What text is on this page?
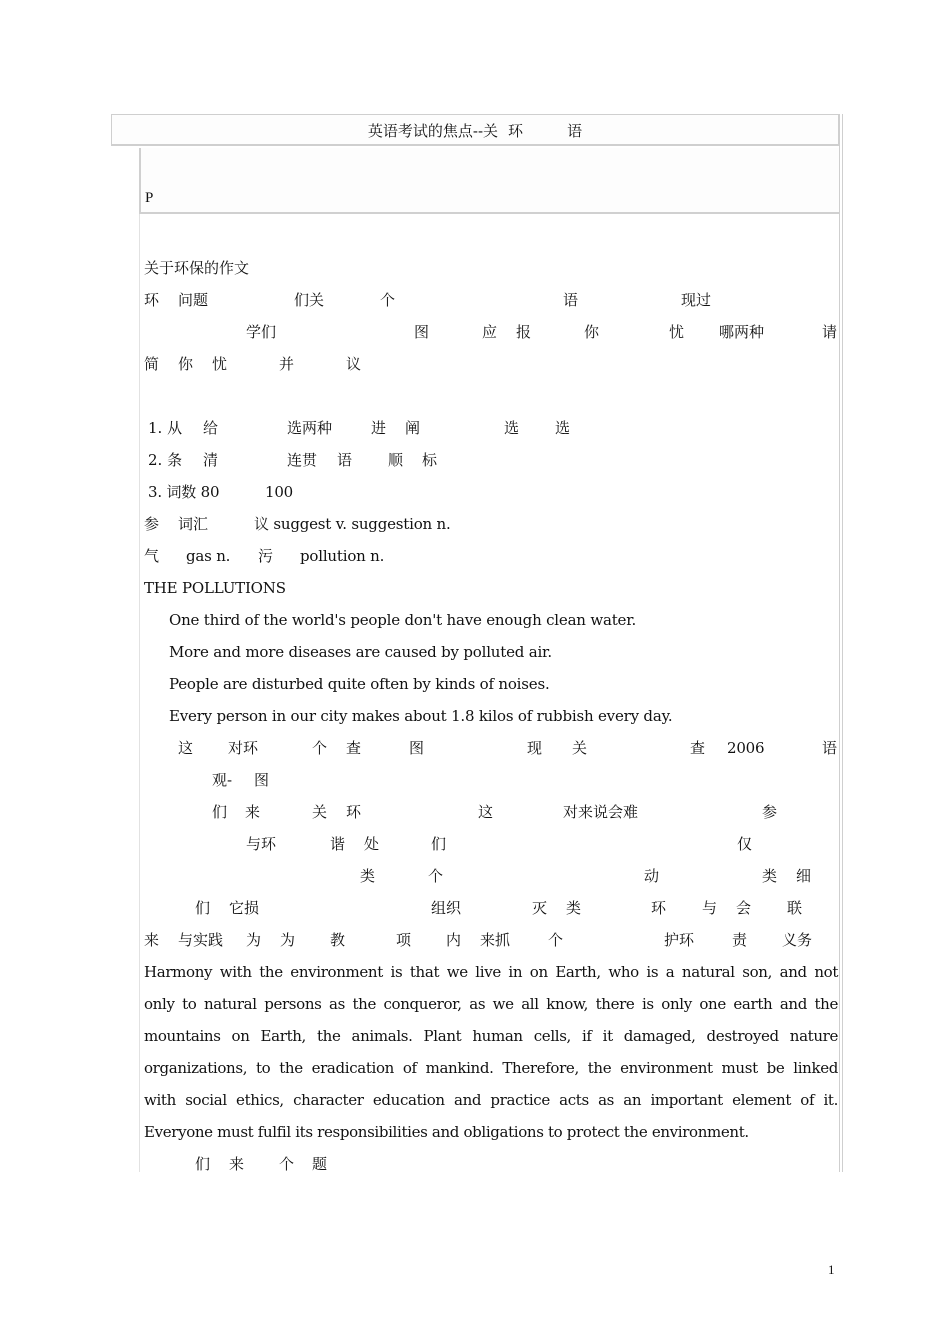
英语考试的焦点--关 环	语
P
关于环保的作文
环 问题	们关	个	语	现过
学们	图	应 报	你	忧 哪两种	请
简 你 忧	并	议
1. 从 给	选两种	进 阐	选 选
2. 条 清	连贯 语 顺 标
3. 词数 80	100
参 词汇	议 suggest v. suggestion n.
气 gas n. 污 pollution n.
THE POLLUTIONS
One third of the world's people don't have enough clean water.
More and more diseases are caused by polluted air.
People are disturbed quite often by kinds of noises.
Every person in our city makes about 1.8 kilos of rubbish every day.
这 对环	个 查	图	现 关	查 2006	语
观- 图
们 来	关 环	这	对来说会难	参
与环	谐 处	们	仅
类	个	动	类 细
们 它损	组织	灭 类	环 与 会 联
来 与实践 为 为 教	项 内 来抓	个	护环	责 义务
Harmony with the environment is that we live in on Earth, who is a natural son, and not
only to natural persons as the conqueror, as we all know, there is only one earth and the
mountains on Earth, the animals. Plant human cells, if it damaged, destroyed nature
organizations, to the eradication of mankind. Therefore, the environment must be linked
with social ethics, character education and practice acts as an important element of it.
Everyone must fulfil its responsibilities and obligations to protect the environment.
们 来 个 题
1
